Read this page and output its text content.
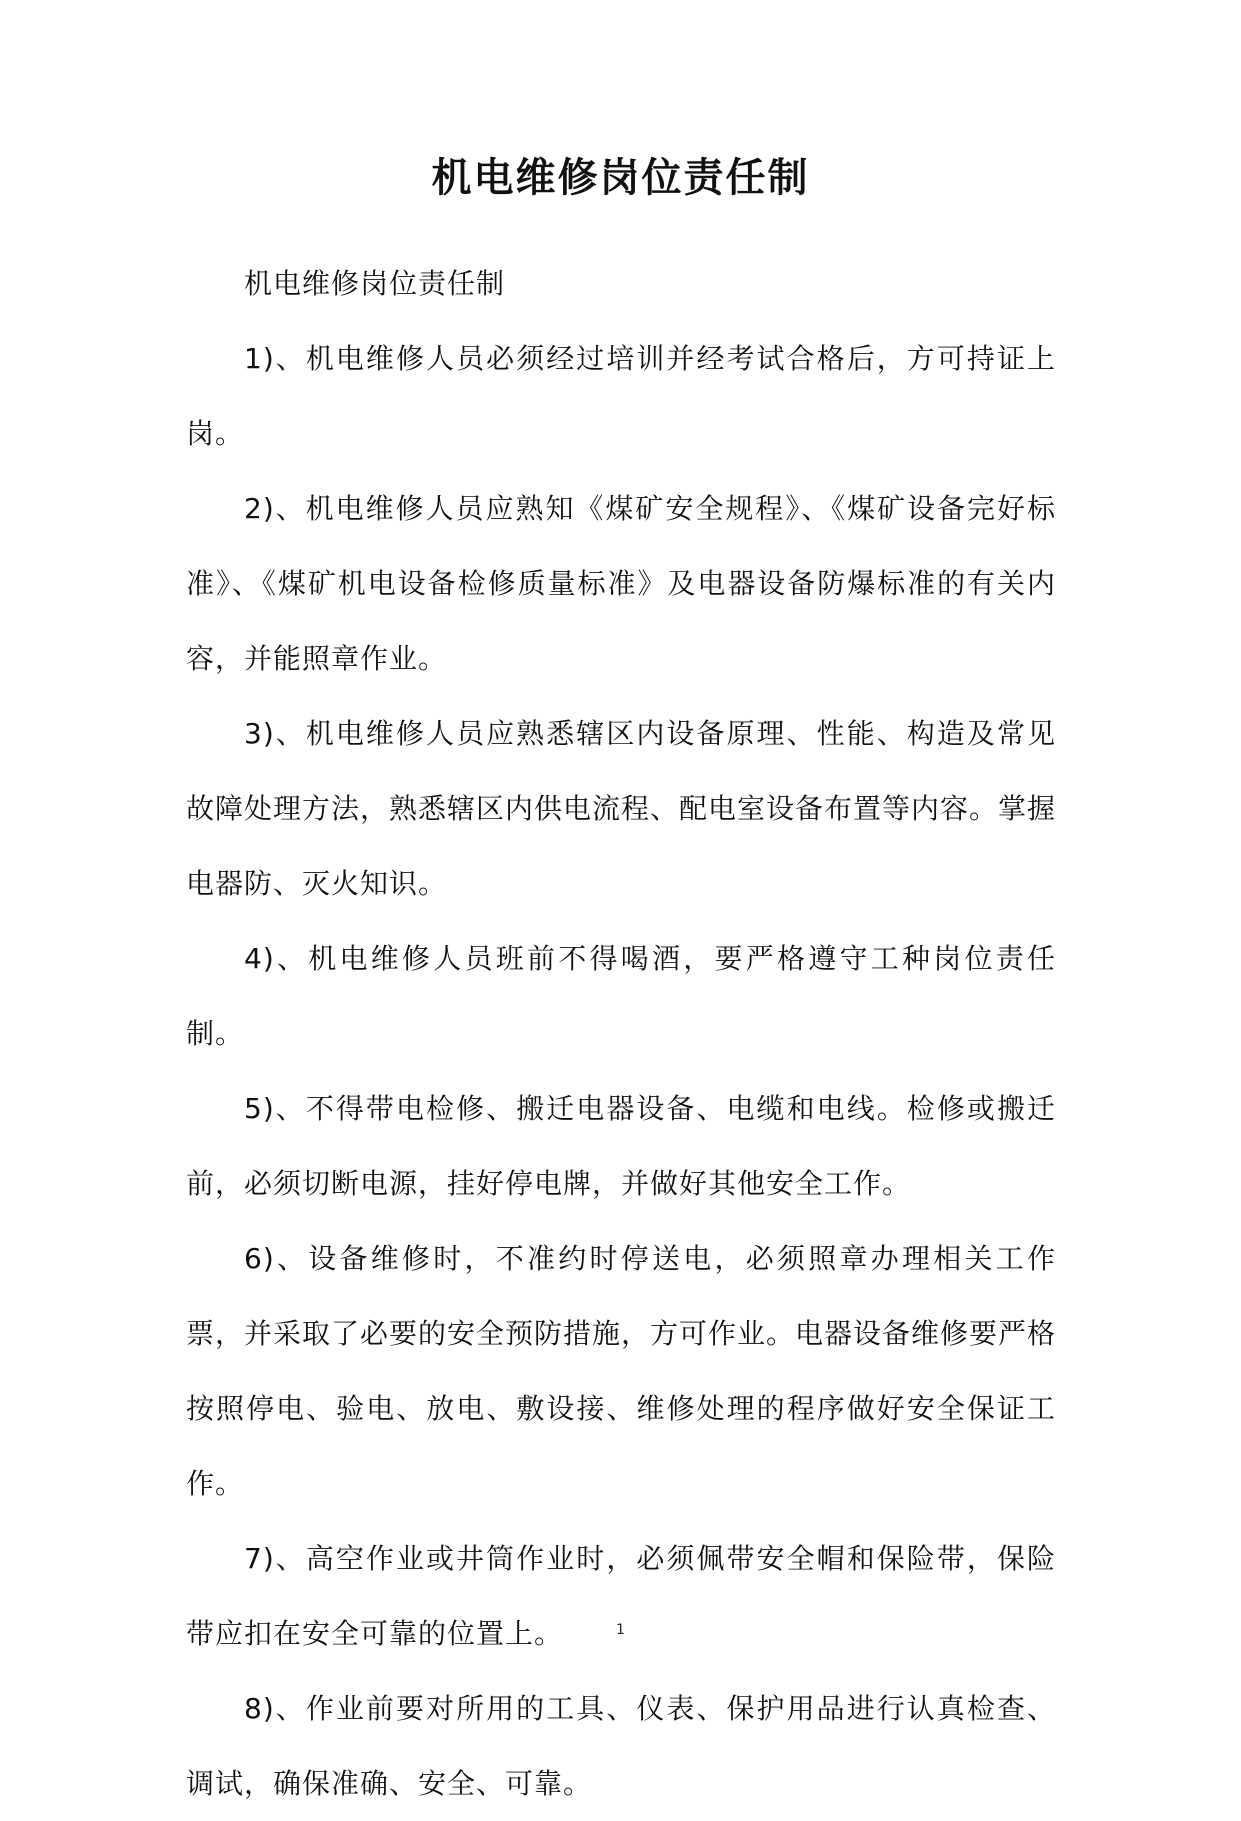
机电维修岗位责任制

机电维修岗位责任制

1)、机电维修人员必须经过培训并经考试合格后，方可持证上岗。

2)、机电维修人员应熟知《煤矿安全规程》、《煤矿设备完好标准》、《煤矿机电设备检修质量标准》及电器设备防爆标准的有关内容，并能照章作业。

3)、机电维修人员应熟悉辖区内设备原理、性能、构造及常见故障处理方法，熟悉辖区内供电流程、配电室设备布置等内容。掌握电器防、灭火知识。

4)、机电维修人员班前不得喝酒，要严格遵守工种岗位责任制。

5)、不得带电检修、搬迁电器设备、电缆和电线。检修或搬迁前，必须切断电源，挂好停电牌，并做好其他安全工作。

6)、设备维修时，不准约时停送电，必须照章办理相关工作票，并采取了必要的安全预防措施，方可作业。电器设备维修要严格按照停电、验电、放电、敷设接、维修处理的程序做好安全保证工作。

7)、高空作业或井筒作业时，必须佩带安全帽和保险带，保险带应扣在安全可靠的位置上。

8)、作业前要对所用的工具、仪表、保护用品进行认真检查、调试，确保准确、安全、可靠。

1
